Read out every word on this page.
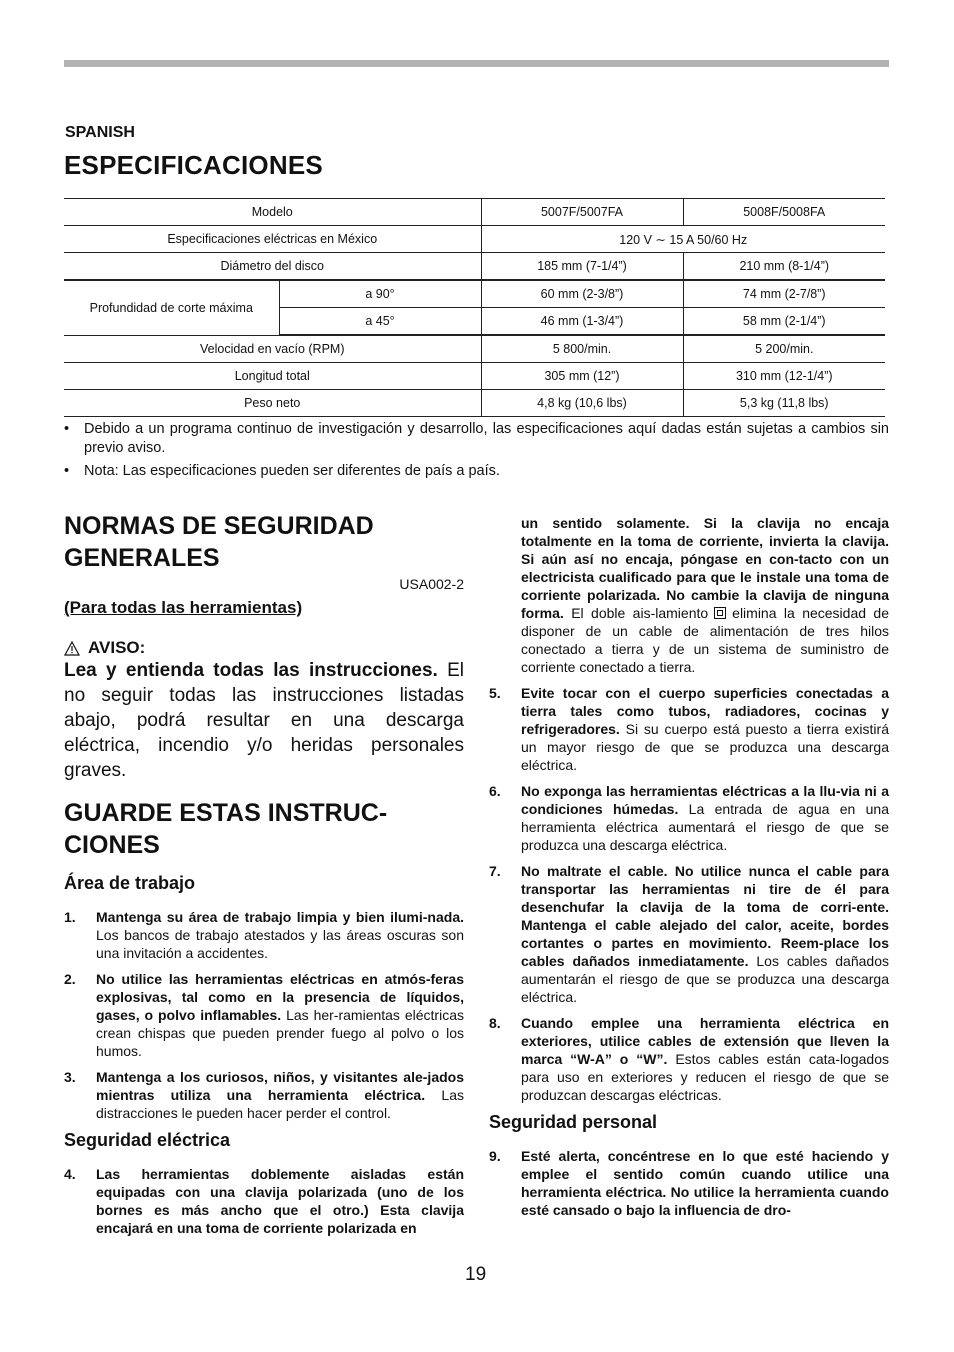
SPANISH
ESPECIFICACIONES
Modelo		5007F/5007FA	5008F/5008FA
Especificaciones eléctricas en México		120 V ∼ 15 A 50/60 Hz	
Diámetro del disco		185 mm (7-1/4”)	210 mm (8-1/4”)
Profundidad de corte máxima	a 90°	60 mm (2-3/8”)	74 mm (2-7/8”)
	a 45°	46 mm (1-3/4”)	58 mm (2-1/4”)
Velocidad en vacío (RPM)		5 800/min.	5 200/min.
Longitud total		305 mm (12”)	310 mm (12-1/4”)
Peso neto		4,8 kg (10,6 lbs)	5,3 kg (11,8 lbs)
• Debido a un programa continuo de investigación y desarrollo, las especificaciones aquí dadas están sujetas a cambios sin previo aviso.
• Nota: Las especificaciones pueden ser diferentes de país a país.
NORMAS DE SEGURIDAD GENERALES
USA002-2
(Para todas las herramientas)
AVISO:
Lea y entienda todas las instrucciones. El no seguir todas las instrucciones listadas abajo, podrá resultar en una descarga eléctrica, incendio y/o heridas personales graves.
GUARDE ESTAS INSTRUC-CIONES
Área de trabajo
1. Mantenga su área de trabajo limpia y bien ilumi-nada. Los bancos de trabajo atestados y las áreas oscuras son una invitación a accidentes.
2. No utilice las herramientas eléctricas en atmós-feras explosivas, tal como en la presencia de líquidos, gases, o polvo inflamables. Las her-ramientas eléctricas crean chispas que pueden prender fuego al polvo o los humos.
3. Mantenga a los curiosos, niños, y visitantes ale-jados mientras utiliza una herramienta eléctrica. Las distracciones le pueden hacer perder el control.
Seguridad eléctrica
4. Las herramientas doblemente aisladas están equipadas con una clavija polarizada (uno de los bornes es más ancho que el otro.) Esta clavija encajará en una toma de corriente polarizada en
un sentido solamente. Si la clavija no encaja totalmente en la toma de corriente, invierta la clavija. Si aún así no encaja, póngase en con-tacto con un electricista cualificado para que le instale una toma de corriente polarizada. No cambie la clavija de ninguna forma. El doble ais-lamiento elimina la necesidad de disponer de un cable de alimentación de tres hilos conectado a tierra y de un sistema de suministro de corriente conectado a tierra.
5. Evite tocar con el cuerpo superficies conectadas a tierra tales como tubos, radiadores, cocinas y refrigeradores. Si su cuerpo está puesto a tierra existirá un mayor riesgo de que se produzca una descarga eléctrica.
6. No exponga las herramientas eléctricas a la llu-via ni a condiciones húmedas. La entrada de agua en una herramienta eléctrica aumentará el riesgo de que se produzca una descarga eléctrica.
7. No maltrate el cable. No utilice nunca el cable para transportar las herramientas ni tire de él para desenchufar la clavija de la toma de corri-ente. Mantenga el cable alejado del calor, aceite, bordes cortantes o partes en movimiento. Reem-place los cables dañados inmediatamente. Los cables dañados aumentarán el riesgo de que se produzca una descarga eléctrica.
8. Cuando emplee una herramienta eléctrica en exteriores, utilice cables de extensión que lleven la marca “W-A” o “W”. Estos cables están cata-logados para uso en exteriores y reducen el riesgo de que se produzcan descargas eléctricas.
Seguridad personal
9. Esté alerta, concéntrese en lo que esté haciendo y emplee el sentido común cuando utilice una herramienta eléctrica. No utilice la herramienta cuando esté cansado o bajo la influencia de dro-
19
